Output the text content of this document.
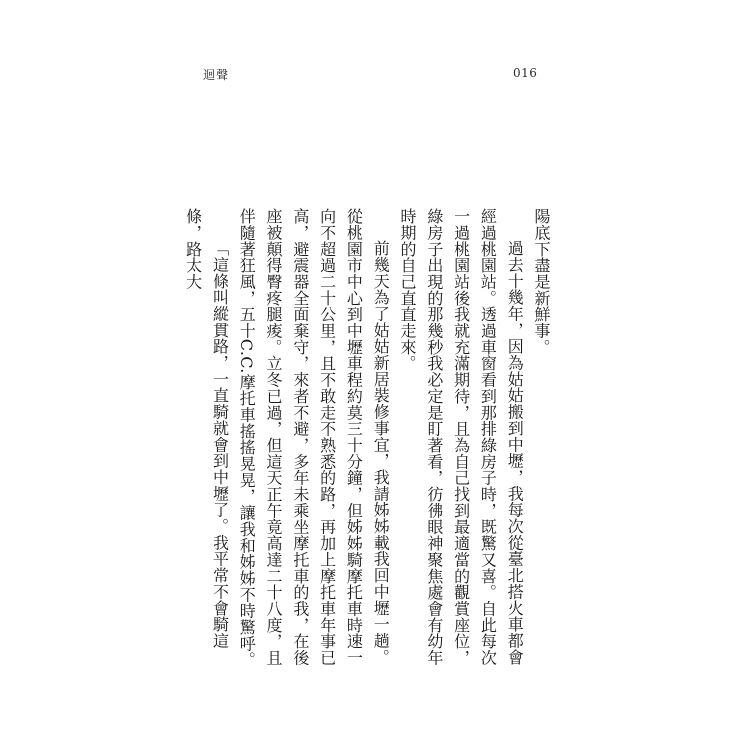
迴聲	016

陽底下盡是新鮮事。

過去十幾年，因為姑姑搬到中壢，我每次從臺北搭火車都會經過桃園站。透過車窗看到那排綠房子時，既驚又喜。自此每次一過桃園站後我就充滿期待，且為自己找到最適當的觀賞座位，綠房子出現的那幾秒我必定是盯著看，彷彿眼神聚焦處會有幼年時期的自己直直走來。

前幾天為了姑姑新居裝修事宜，我請姊姊載我回中壢一趟。從桃園市中心到中壢車程約莫三十分鐘，但姊姊騎摩托車時速一向不超過二十公里，且不敢走不熟悉的路，再加上摩托車年事已高，避震器全面棄守，來者不避，多年未乘坐摩托車的我，在後座被顛得臀疼腿痠。立冬已過，但這天正午竟高達二十八度，且伴隨著狂風，五十C.C.摩托車搖搖晃晃，讓我和姊姊不時驚呼。

「這條叫縱貫路，一直騎就會到中壢了。我平常不會騎這條，路太大
